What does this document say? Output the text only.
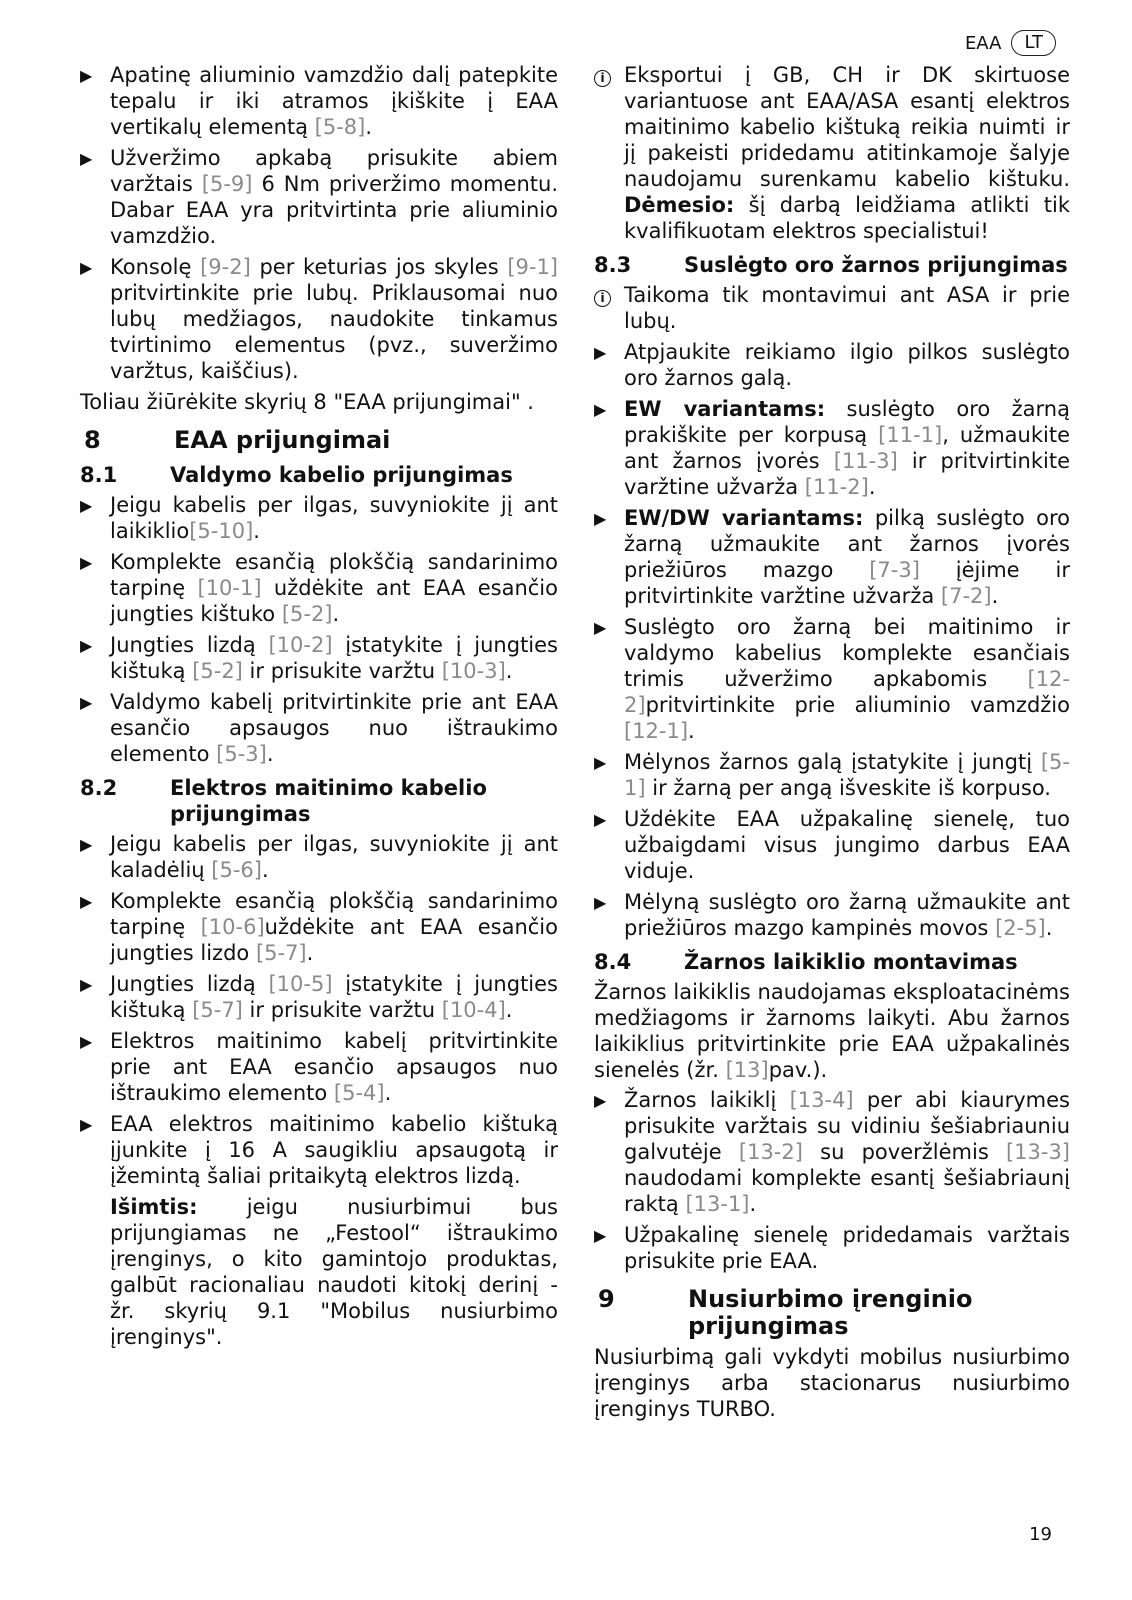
EAA	LT
▶ Apatinę aliuminio vamzdžio dalį patepkite tepalu ir iki atramos įkiškite į EAA vertikalų elementą [5-8].
▶ Užveržimo apkabą prisukite abiem varžtais [5-9] 6 Nm priveržimo momentu. Dabar EAA yra pritvirtinta prie aliuminio vamzdžio.
▶ Konsolę [9-2] per keturias jos skyles [9-1] pritvirtinkite prie lubų. Priklausomai nuo lubų medžiagos, naudokite tinkamus tvirtinimo elementus (pvz., suveržimo varžtus, kaiščius).
Toliau žiūrėkite skyrių 8 "EAA prijungimai" .
8	EAA prijungimai
8.1	Valdymo kabelio prijungimas
▶ Jeigu kabelis per ilgas, suvyniokite jį ant laikiklio[5-10].
▶ Komplekte esančią plokščią sandarinimo tarpinę [10-1] uždėkite ant EAA esančio jungties kištuko [5-2].
▶ Jungties lizdą [10-2] įstatykite į jungties kištuką [5-2] ir prisukite varžtu [10-3].
▶ Valdymo kabelį pritvirtinkite prie ant EAA esančio apsaugos nuo ištraukimo elemento [5-3].
8.2	Elektros maitinimo kabelio prijungimas
▶ Jeigu kabelis per ilgas, suvyniokite jį ant kaladėlių [5-6].
▶ Komplekte esančią plokščią sandarinimo tarpinę [10-6]uždėkite ant EAA esančio jungties lizdo [5-7].
▶ Jungties lizdą [10-5] įstatykite į jungties kištuką [5-7] ir prisukite varžtu [10-4].
▶ Elektros maitinimo kabelį pritvirtinkite prie ant EAA esančio apsaugos nuo ištraukimo elemento [5-4].
▶ EAA elektros maitinimo kabelio kištuką įjunkite į 16 A saugikliu apsaugotą ir įžemintą šaliai pritaikytą elektros lizdą.
Išimtis: jeigu nusiurbimui bus prijungiamas ne „Festool“ ištraukimo įrenginys, o kito gamintojo produktas, galbūt racionaliau naudoti kitokį derinį - žr. skyrių 9.1 "Mobilus nusiurbimo įrenginys".
i Eksportui į GB, CH ir DK skirtuose variantuose ant EAA/ASA esantį elektros maitinimo kabelio kištuką reikia nuimti ir jį pakeisti pridedamu atitinkamoje šalyje naudojamu surenkamu kabelio kištuku. Dėmesio: šį darbą leidžiama atlikti tik kvalifikuotam elektros specialistui!
8.3	Suslėgto oro žarnos prijungimas
i Taikoma tik montavimui ant ASA ir prie lubų.
▶ Atpjaukite reikiamo ilgio pilkos suslėgto oro žarnos galą.
▶ EW variantams: suslėgto oro žarną prakiškite per korpusą [11-1], užmaukite ant žarnos įvorės [11-3] ir pritvirtinkite varžtine užvarža [11-2].
▶ EW/DW variantams: pilką suslėgto oro žarną užmaukite ant žarnos įvorės priežiūros mazgo [7-3] įėjime ir pritvirtinkite varžtine užvarža [7-2].
▶ Suslėgto oro žarną bei maitinimo ir valdymo kabelius komplekte esančiais trimis užveržimo apkabomis [12-2]pritvirtinkite prie aliuminio vamzdžio [12-1].
▶ Mėlynos žarnos galą įstatykite į jungtį [5-1] ir žarną per angą išveskite iš korpuso.
▶ Uždėkite EAA užpakalinę sienelę, tuo užbaigdami visus jungimo darbus EAA viduje.
▶ Mėlyną suslėgto oro žarną užmaukite ant priežiūros mazgo kampinės movos [2-5].
8.4	Žarnos laikiklio montavimas
Žarnos laikiklis naudojamas eksploatacinėms medžiagoms ir žarnoms laikyti. Abu žarnos laikiklius pritvirtinkite prie EAA užpakalinės sienelės (žr. [13]pav.).
▶ Žarnos laikiklį [13-4] per abi kiaurymes prisukite varžtais su vidiniu šešiabriauniu galvutėje [13-2] su poveržlėmis [13-3] naudodami komplekte esantį šešiabriaunį raktą [13-1].
▶ Užpakalinę sienelę pridedamais varžtais prisukite prie EAA.
9	Nusiurbimo įrenginio prijungimas
Nusiurbimą gali vykdyti mobilus nusiurbimo įrenginys arba stacionarus nusiurbimo įrenginys TURBO.
19
